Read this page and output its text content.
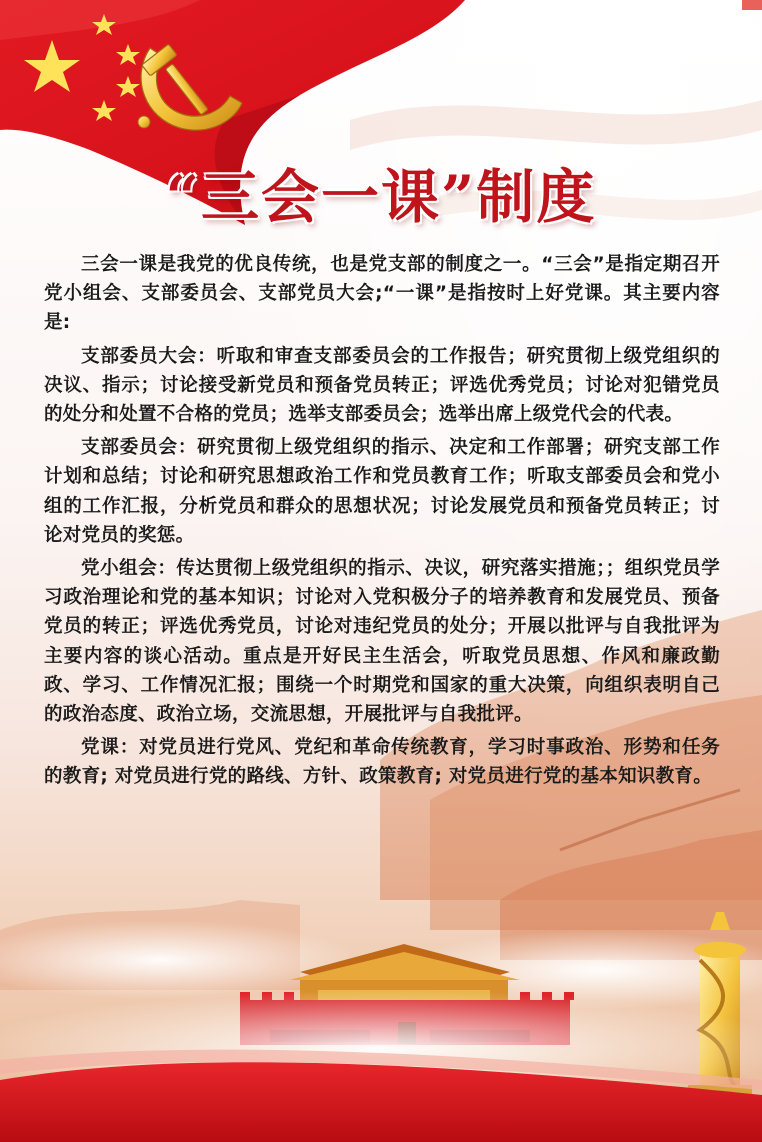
“三会一课”制度

三会一课是我党的优良传统，也是党支部的制度之一。“三会”是指定期召开党小组会、支部委员会、支部党员大会;“一课”是指按时上好党课。其主要内容是:

支部委员大会：听取和审查支部委员会的工作报告；研究贯彻上级党组织的决议、指示；讨论接受新党员和预备党员转正；评选优秀党员；讨论对犯错党员的处分和处置不合格的党员；选举支部委员会；选举出席上级党代会的代表。

支部委员会：研究贯彻上级党组织的指示、决定和工作部署；研究支部工作计划和总结；讨论和研究思想政治工作和党员教育工作；听取支部委员会和党小组的工作汇报，分析党员和群众的思想状况；讨论发展党员和预备党员转正；讨论对党员的奖惩。

党小组会：传达贯彻上级党组织的指示、决议，研究落实措施；；组织党员学习政治理论和党的基本知识；讨论对入党积极分子的培养教育和发展党员、预备党员的转正；评选优秀党员，讨论对违纪党员的处分；开展以批评与自我批评为主要内容的谈心活动。重点是开好民主生活会，听取党员思想、作风和廉政勤政、学习、工作情况汇报；围绕一个时期党和国家的重大决策，向组织表明自己的政治态度、政治立场，交流思想，开展批评与自我批评。

党课：对党员进行党风、党纪和革命传统教育，学习时事政治、形势和任务的教育; 对党员进行党的路线、方针、政策教育; 对党员进行党的基本知识教育。
